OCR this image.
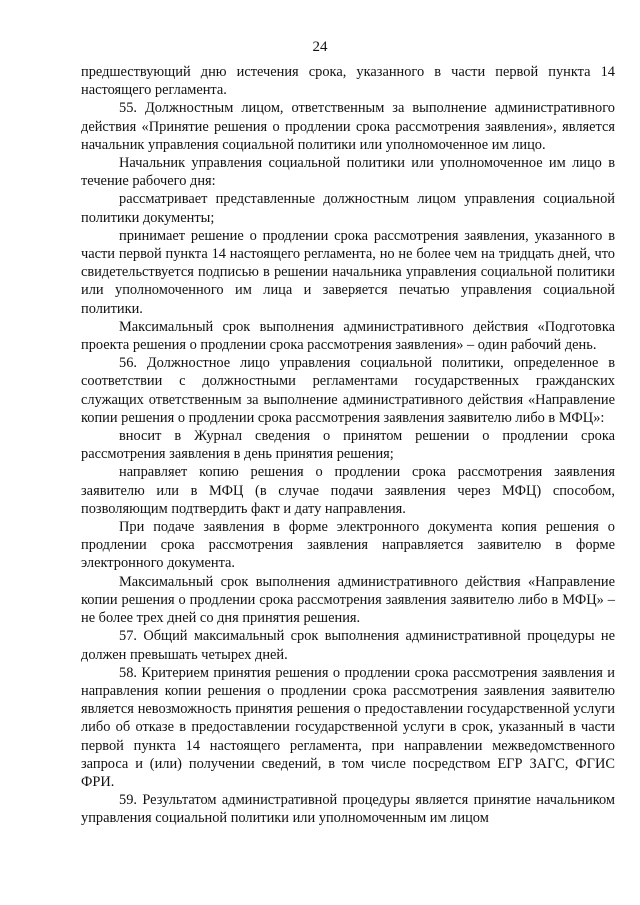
24

предшествующий дню истечения срока, указанного в части первой пункта 14 настоящего регламента.

55. Должностным лицом, ответственным за выполнение административного действия «Принятие решения о продлении срока рассмотрения заявления», является начальник управления социальной политики или уполномоченное им лицо.

Начальник управления социальной политики или уполномоченное им лицо в течение рабочего дня:

рассматривает представленные должностным лицом управления социальной политики документы;

принимает решение о продлении срока рассмотрения заявления, указанного в части первой пункта 14 настоящего регламента, но не более чем на тридцать дней, что свидетельствуется подписью в решении начальника управления социальной политики или уполномоченного им лица и заверяется печатью управления социальной политики.

Максимальный срок выполнения административного действия «Подготовка проекта решения о продлении срока рассмотрения заявления» – один рабочий день.

56. Должностное лицо управления социальной политики, определенное в соответствии с должностными регламентами государственных гражданских служащих ответственным за выполнение административного действия «Направление копии решения о продлении срока рассмотрения заявления заявителю либо в МФЦ»:

вносит в Журнал сведения о принятом решении о продлении срока рассмотрения заявления в день принятия решения;

направляет копию решения о продлении срока рассмотрения заявления заявителю или в МФЦ (в случае подачи заявления через МФЦ) способом, позволяющим подтвердить факт и дату направления.

При подаче заявления в форме электронного документа копия решения о продлении срока рассмотрения заявления направляется заявителю в форме электронного документа.

Максимальный срок выполнения административного действия «Направление копии решения о продлении срока рассмотрения заявления заявителю либо в МФЦ» – не более трех дней со дня принятия решения.

57. Общий максимальный срок выполнения административной процедуры не должен превышать четырех дней.

58. Критерием принятия решения о продлении срока рассмотрения заявления и направления копии решения о продлении срока рассмотрения заявления заявителю является невозможность принятия решения о предоставлении государственной услуги либо об отказе в предоставлении государственной услуги в срок, указанный в части первой пункта 14 настоящего регламента, при направлении межведомственного запроса и (или) получении сведений, в том числе посредством ЕГР ЗАГС, ФГИС ФРИ.

59. Результатом административной процедуры является принятие начальником управления социальной политики или уполномоченным им лицом
